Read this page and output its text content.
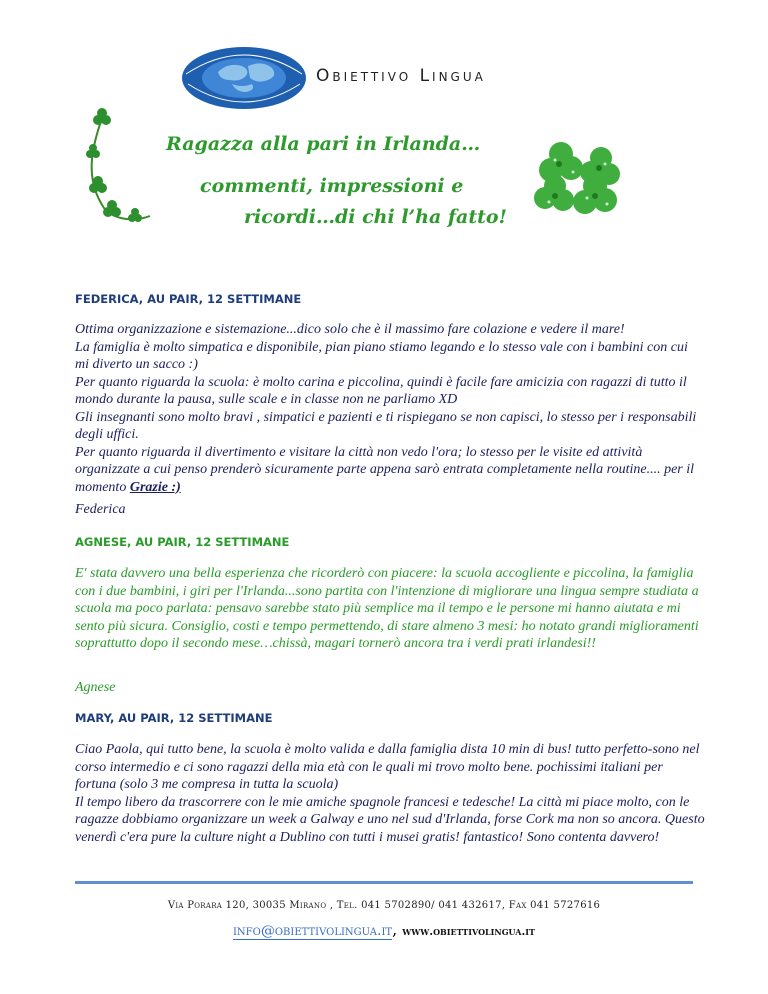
Obiettivo Lingua
Ragazza alla pari in Irlanda…
commenti, impressioni e
ricordi…di chi l’ha fatto!
FEDERICA, AU PAIR, 12 SETTIMANE

Ottima organizzazione e sistemazione...dico solo che è il massimo fare colazione e vedere il mare!

La famiglia è molto simpatica e disponibile, pian piano stiamo legando e lo stesso vale con i bambini con cui mi diverto un sacco :)

Per quanto riguarda la scuola: è molto carina e piccolina, quindi è facile fare amicizia con ragazzi di tutto il mondo durante la pausa, sulle scale e in classe non ne parliamo XD

Gli insegnanti sono molto bravi , simpatici e pazienti e ti rispiegano se non capisci, lo stesso per i responsabili degli uffici.

Per quanto riguarda il divertimento e visitare la città non vedo l'ora; lo stesso per le visite ed attività organizzate a cui penso prenderò sicuramente parte appena sarò entrata completamente nella routine.... per il momento Grazie :)

Federica
AGNESE, AU PAIR, 12 SETTIMANE

E' stata davvero una bella esperienza che ricorderò con piacere: la scuola accogliente e piccolina, la famiglia con i due bambini, i giri per l'Irlanda...sono partita con l'intenzione di migliorare una lingua sempre studiata a scuola ma poco parlata: pensavo sarebbe stato più semplice ma il tempo e le persone mi hanno aiutata e mi sento più sicura. Consiglio, costi e tempo permettendo, di stare almeno 3 mesi: ho notato grandi miglioramenti soprattutto dopo il secondo mese…chissà, magari tornerò ancora tra i verdi prati irlandesi!!

Agnese
MARY, AU PAIR, 12 SETTIMANE

Ciao Paola, qui tutto bene, la scuola è molto valida e dalla famiglia dista 10 min di bus! tutto perfetto-sono nel corso intermedio e ci sono ragazzi della mia età con le quali mi trovo molto bene. pochissimi italiani per fortuna (solo 3 me compresa in tutta la scuola)

Il tempo libero da trascorrere con le mie amiche spagnole francesi e tedesche! La città mi piace molto, con le ragazze dobbiamo organizzare un week a Galway e uno nel sud d'Irlanda, forse Cork ma non so ancora. Questo venerdì c'era pure la culture night a Dublino con tutti i musei gratis! fantastico! Sono contenta davvero!

Via Porara 120, 30035 Mirano , Tel. 041 5702890/ 041 432617, Fax 041 5727616
info@obiettivolingua.it, www.obiettivolingua.it
